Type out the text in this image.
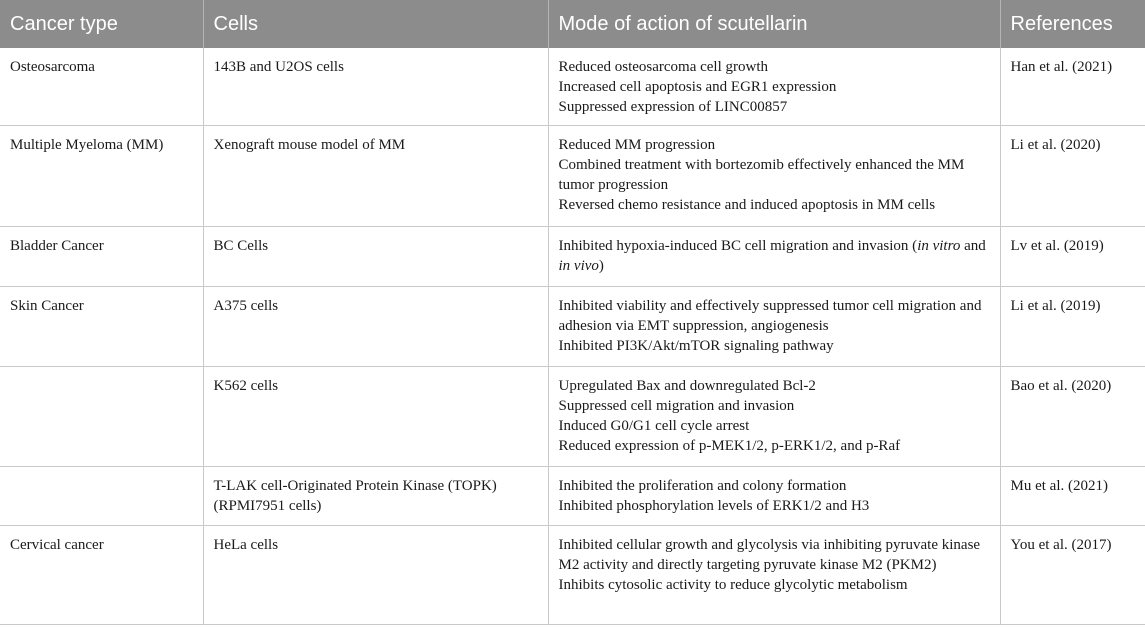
Cancer type	Cells	Mode of action of scutellarin	References
Osteosarcoma	143B and U2OS cells	Reduced osteosarcoma cell growth
Increased cell apoptosis and EGR1 expression
Suppressed expression of LINC00857	Han et al. (2021)
Multiple Myeloma (MM)	Xenograft mouse model of MM	Reduced MM progression
Combined treatment with bortezomib effectively enhanced the MM tumor progression
Reversed chemo resistance and induced apoptosis in MM cells	Li et al. (2020)
Bladder Cancer	BC Cells	Inhibited hypoxia-induced BC cell migration and invasion (in vitro and in vivo)	Lv et al. (2019)
Skin Cancer	A375 cells	Inhibited viability and effectively suppressed tumor cell migration and adhesion via EMT suppression, angiogenesis
Inhibited PI3K/Akt/mTOR signaling pathway	Li et al. (2019)
	K562 cells	Upregulated Bax and downregulated Bcl-2
Suppressed cell migration and invasion
Induced G0/G1 cell cycle arrest
Reduced expression of p-MEK1/2, p-ERK1/2, and p-Raf	Bao et al. (2020)
	T-LAK cell-Originated Protein Kinase (TOPK) (RPMI7951 cells)	Inhibited the proliferation and colony formation
Inhibited phosphorylation levels of ERK1/2 and H3	Mu et al. (2021)
Cervical cancer	HeLa cells	Inhibited cellular growth and glycolysis via inhibiting pyruvate kinase M2 activity and directly targeting pyruvate kinase M2 (PKM2)
Inhibits cytosolic activity to reduce glycolytic metabolism	You et al. (2017)
